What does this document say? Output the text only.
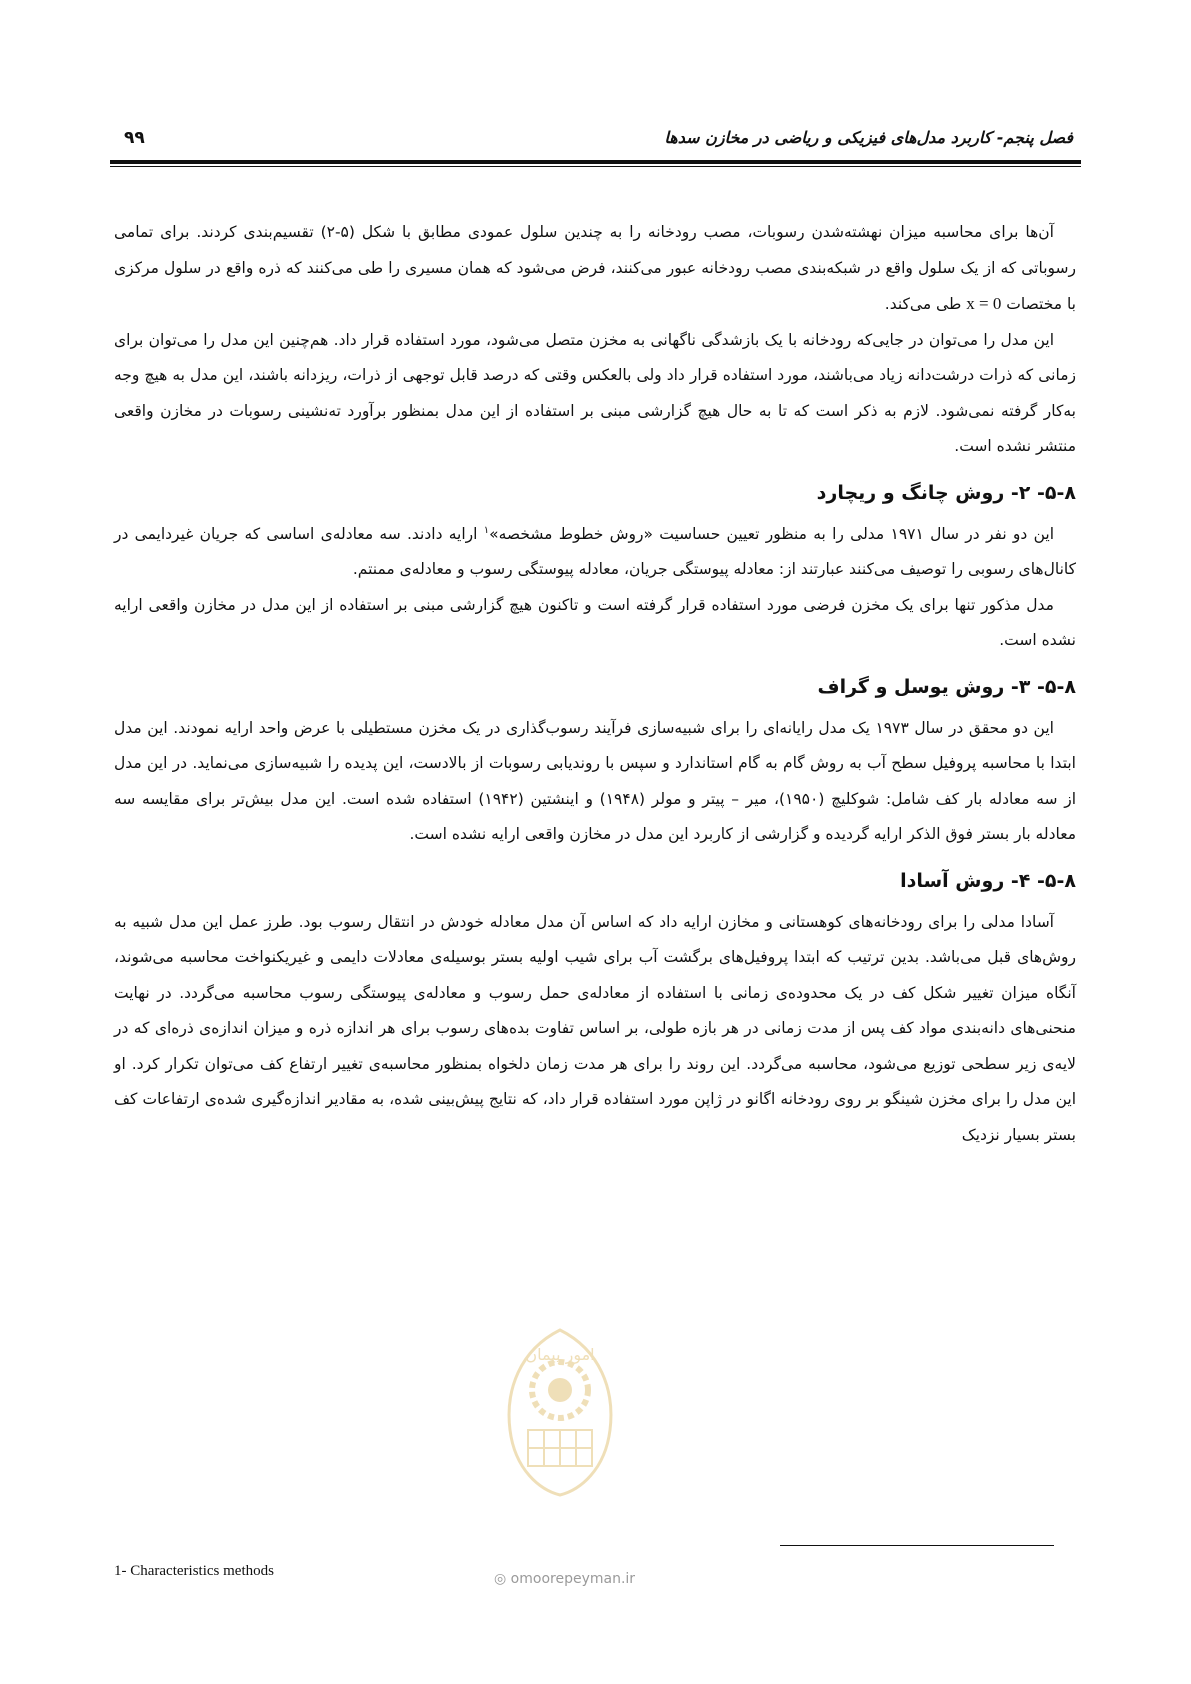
فصل پنجم- کاربرد مدل‌های فیزیکی و ریاضی در مخازن سدها
۹۹

آن‌ها برای محاسبه میزان نهشته‌شدن رسوبات، مصب رودخانه را به چندین سلول عمودی مطابق با شکل (۵-۲) تقسیم‌بندی کردند. برای تمامی رسوباتی که از یک سلول واقع در شبکه‌بندی مصب رودخانه عبور می‌کنند، فرض می‌شود که همان مسیری را طی می‌کنند که ذره واقع در سلول مرکزی با مختصات x = 0 طی می‌کند.

این مدل را می‌توان در جایی‌که رودخانه با یک بازشدگی ناگهانی به مخزن متصل می‌شود، مورد استفاده قرار داد. هم‌چنین این مدل را می‌توان برای زمانی که ذرات درشت‌دانه زیاد می‌باشند، مورد استفاده قرار داد ولی بالعکس وقتی که درصد قابل توجهی از ذرات، ریزدانه باشند، این مدل به هیچ وجه به‌کار گرفته نمی‌شود. لازم به ذکر است که تا به حال هیچ گزارشی مبنی بر استفاده از این مدل بمنظور برآورد ته‌نشینی رسوبات در مخازن واقعی منتشر نشده است.

۵-۸- ۲- روش چانگ و ریچارد

این دو نفر در سال ۱۹۷۱ مدلی را به منظور تعیین حساسیت «روش خطوط مشخصه»$^۱$ ارایه دادند. سه معادله‌ی اساسی که جریان غیردایمی در کانال‌های رسوبی را توصیف می‌کنند عبارتند از: معادله پیوستگی جریان، معادله پیوستگی رسوب و معادله‌ی ممنتم.

مدل مذکور تنها برای یک مخزن فرضی مورد استفاده قرار گرفته است و تاکنون هیچ گزارشی مبنی بر استفاده از این مدل در مخازن واقعی ارایه نشده است.

۵-۸- ۳- روش یوسل و گراف

این دو محقق در سال ۱۹۷۳ یک مدل رایانه‌ای را برای شبیه‌سازی فرآیند رسوب‌گذاری در یک مخزن مستطیلی با عرض واحد ارایه نمودند. این مدل ابتدا با محاسبه پروفیل سطح آب به روش گام به گام استاندارد و سپس با روندیابی رسوبات از بالادست، این پدیده را شبیه‌سازی می‌نماید. در این مدل از سه معادله بار کف شامل: شوکلیچ (۱۹۵۰)، میر – پیتر و مولر (۱۹۴۸) و اینشتین (۱۹۴۲) استفاده شده است. این مدل بیش‌تر برای مقایسه سه معادله بار بستر فوق الذکر ارایه گردیده و گزارشی از کاربرد این مدل در مخازن واقعی ارایه نشده است.

۵-۸- ۴- روش آسادا

آسادا مدلی را برای رودخانه‌های کوهستانی و مخازن ارایه داد که اساس آن مدل معادله خودش در انتقال رسوب بود. طرز عمل این مدل شبیه به روش‌های قبل می‌باشد. بدین ترتیب که ابتدا پروفیل‌های برگشت آب برای شیب اولیه بستر بوسیله‌ی معادلات دایمی و غیریکنواخت محاسبه می‌شوند، آنگاه میزان تغییر شکل کف در یک محدوده‌ی زمانی با استفاده از معادله‌ی حمل رسوب و معادله‌ی پیوستگی رسوب محاسبه می‌گردد. در نهایت منحنی‌های دانه‌بندی مواد کف پس از مدت زمانی در هر بازه طولی، بر اساس تفاوت بده‌های رسوب برای هر اندازه ذره و میزان اندازه‌ی ذره‌ای که در لایه‌ی زیر سطحی توزیع می‌شود، محاسبه می‌گردد. این روند را برای هر مدت زمان دلخواه بمنظور محاسبه‌ی تغییر ارتفاع کف می‌توان تکرار کرد. او این مدل را برای مخزن شینگو بر روی رودخانه اگانو در ژاپن مورد استفاده قرار داد، که نتایج پیش‌بینی شده، به مقادیر اندازه‌گیری شده‌ی ارتفاعات کف بستر بسیار نزدیک

امور پیمان
◎ omoorepeyman.ir
1- Characteristics methods
